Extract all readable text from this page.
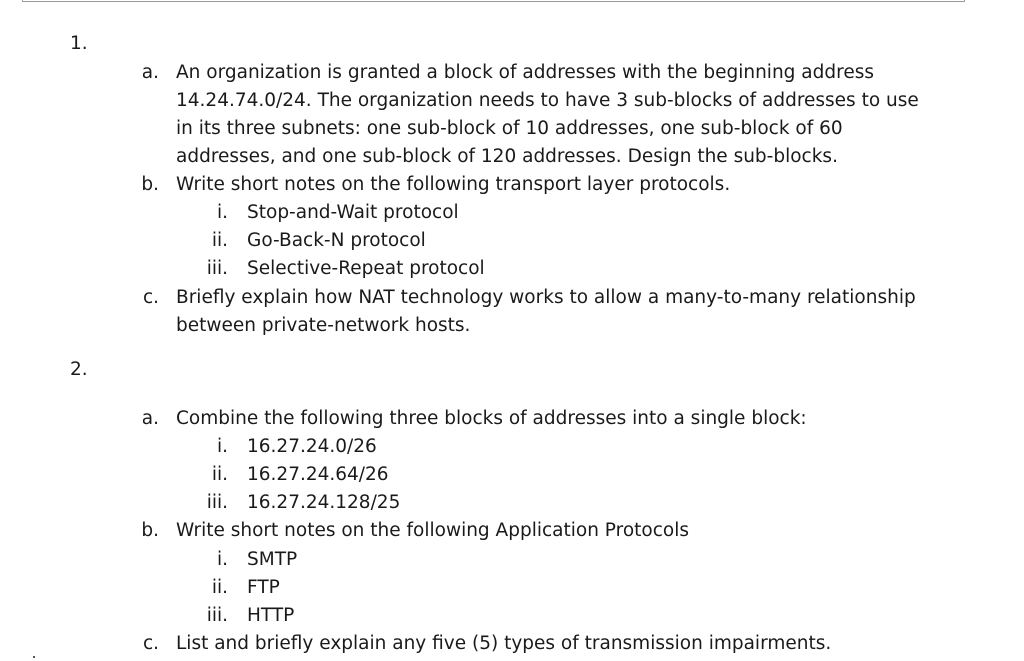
1.
a. An organization is granted a block of addresses with the beginning address
14.24.74.0/24. The organization needs to have 3 sub-blocks of addresses to use
in its three subnets: one sub-block of 10 addresses, one sub-block of 60
addresses, and one sub-block of 120 addresses. Design the sub-blocks.
b. Write short notes on the following transport layer protocols.
i. Stop-and-Wait protocol
ii. Go-Back-N protocol
iii. Selective-Repeat protocol
c. Briefly explain how NAT technology works to allow a many-to-many relationship
between private-network hosts.
2.
a. Combine the following three blocks of addresses into a single block:
i. 16.27.24.0/26
ii. 16.27.24.64/26
iii. 16.27.24.128/25
b. Write short notes on the following Application Protocols
i. SMTP
ii. FTP
iii. HTTP
c. List and briefly explain any five (5) types of transmission impairments.
